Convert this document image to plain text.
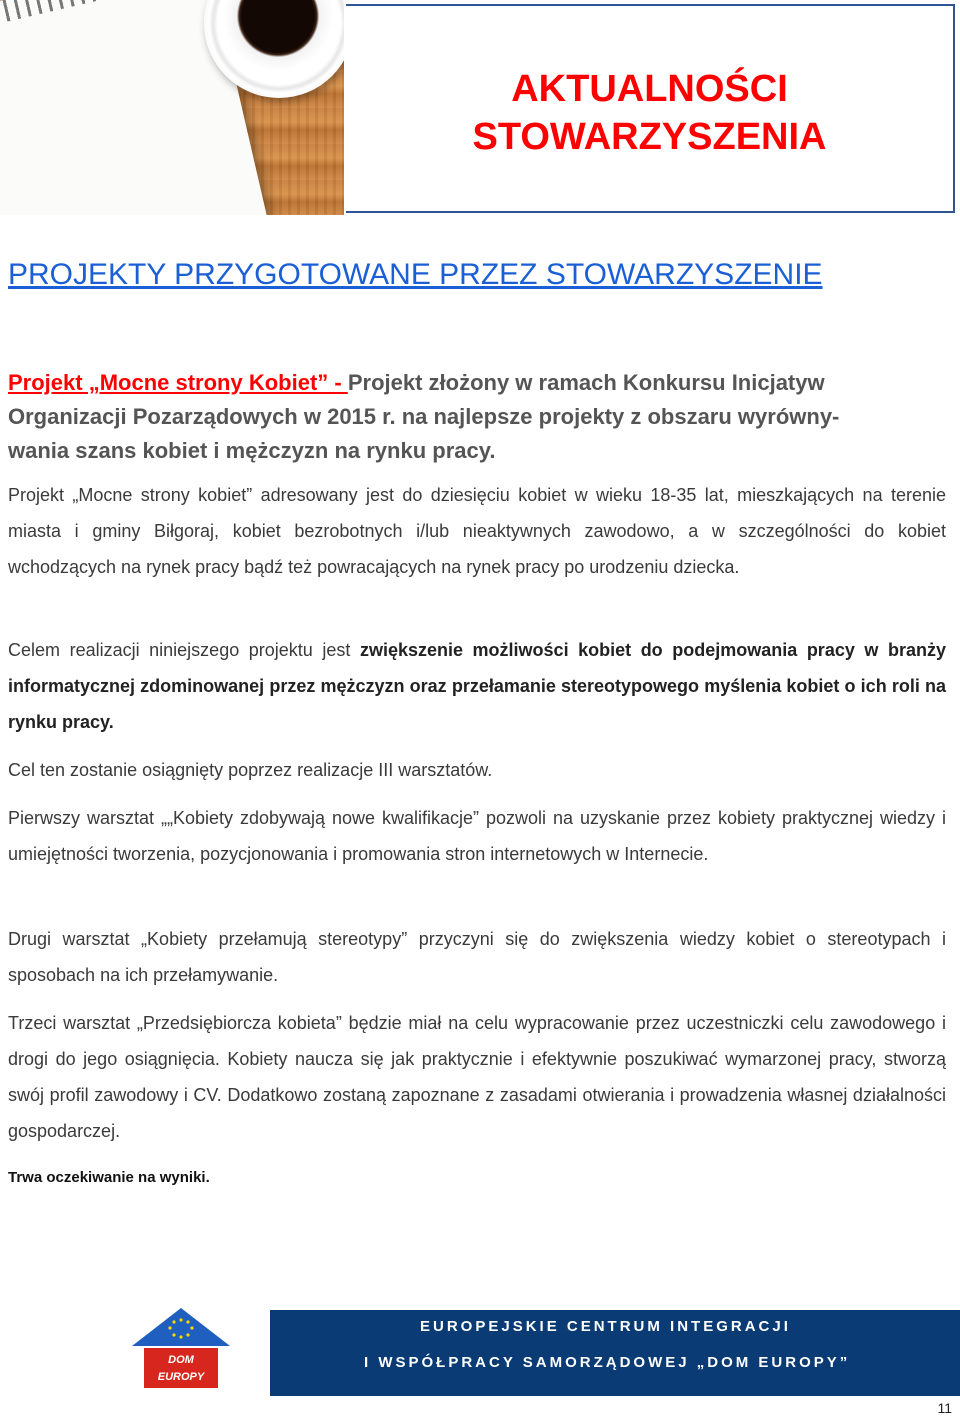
AKTUALNOŚCI
STOWARZYSZENIA
PROJEKTY PRZYGOTOWANE PRZEZ STOWARZYSZENIE
Projekt „Mocne strony Kobiet” - Projekt złożony w ramach Konkursu Inicjatyw
Organizacji Pozarządowych w 2015 r. na najlepsze projekty z obszaru wyrówny-
wania szans kobiet i mężczyzn na rynku pracy.
Projekt „Mocne strony kobiet” adresowany jest do dziesięciu kobiet w wieku 18-35 lat, mieszkających na terenie miasta i gminy Biłgoraj, kobiet bezrobotnych i/lub nieaktywnych zawodowo, a w szczególności do kobiet wchodzących na rynek pracy bądź też powracających na rynek pracy po urodzeniu dziecka.
Celem realizacji niniejszego projektu jest zwiększenie możliwości kobiet do podejmowania pracy w branży informatycznej zdominowanej przez mężczyzn oraz przełamanie stereotypowego myślenia kobiet o ich roli na rynku pracy.
Cel ten zostanie osiągnięty poprzez realizacje III warsztatów.
Pierwszy warsztat „„Kobiety zdobywają nowe kwalifikacje” pozwoli na uzyskanie przez kobiety praktycznej wiedzy i umiejętności tworzenia, pozycjonowania i promowania stron internetowych w Internecie.
Drugi warsztat „Kobiety przełamują stereotypy” przyczyni się do zwiększenia wiedzy kobiet o stereotypach i sposobach na ich przełamywanie.
Trzeci warsztat „Przedsiębiorcza kobieta” będzie miał na celu wypracowanie przez uczestniczki celu zawodowego i drogi do jego osiągnięcia. Kobiety naucza się jak praktycznie i efektywnie poszukiwać wymarzonej pracy, stworzą swój profil zawodowy i CV. Dodatkowo zostaną zapoznane z zasadami otwierania i prowadzenia własnej działalności gospodarczej.
Trwa oczekiwanie na wyniki.
EUROPEJSKIE CENTRUM INTEGRACJI
I WSPÓŁPRACY SAMORZĄDOWEJ „DOM EUROPY”
DOM
EUROPY
11
